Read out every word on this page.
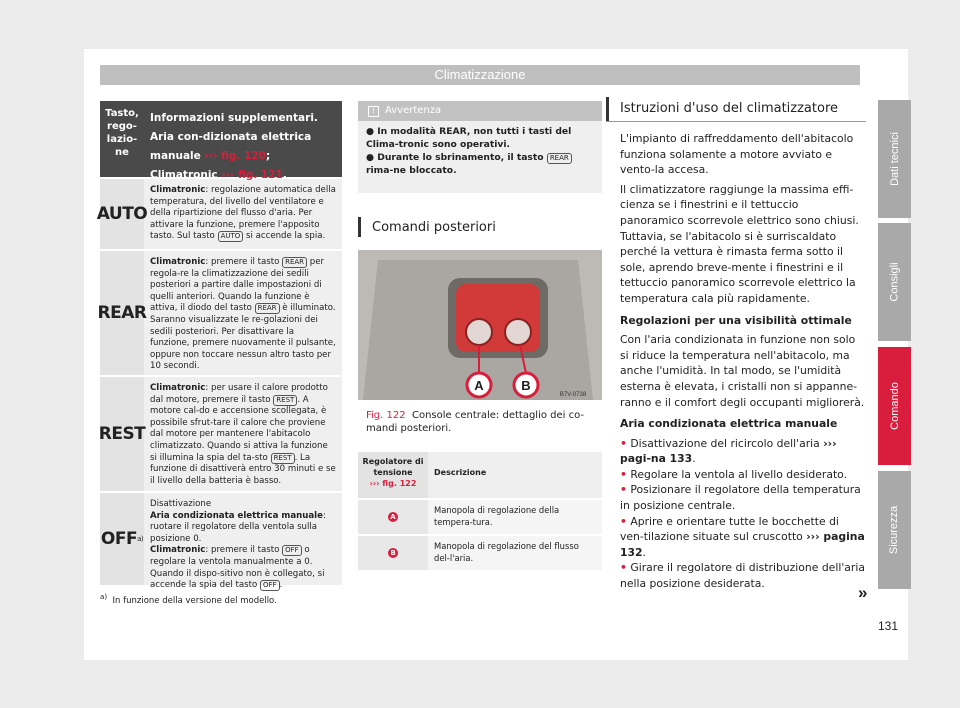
Climatizzazione
Tasto, rego-lazio-ne
Informazioni supplementari. Aria con-dizionata elettrica manuale ››› fig. 120; Climatronic ››› fig. 121.
AUTO
Climatronic: regolazione automatica della temperatura, del livello del ventilatore e della ripartizione del flusso d'aria. Per attivare la funzione, premere l'apposito tasto. Sul tasto AUTO si accende la spia.
REAR
Climatronic: premere il tasto REAR per regola-re la climatizzazione dei sedili posteriori a partire dalle impostazioni di quelli anteriori. Quando la funzione è attiva, il diodo del tasto REAR è illuminato. Saranno visualizzate le re-golazioni dei sedili posteriori. Per disattivare la funzione, premere nuovamente il pulsante, oppure non toccare nessun altro tasto per 10 secondi.
REST
Climatronic: per usare il calore prodotto dal motore, premere il tasto REST . A motore cal-do e accensione scollegata, è possibile sfrut-tare il calore che proviene dal motore per mantenere l'abitacolo climatizzato. Quando si attiva la funzione si illumina la spia del ta-sto REST . La funzione di disattiverà entro 30 minuti e se il livello della batteria è basso.
OFF a)
Disattivazione
Aria condizionata elettrica manuale: ruotare il regolatore della ventola sulla posizione 0.
Climatronic: premere il tasto OFF o regolare la ventola manualmente a 0. Quando il dispo-sitivo non è collegato, si accende la spia del tasto OFF .
$^{a)}$ In funzione della versione del modello.
! Avvertenza
● In modalità REAR, non tutti i tasti del Clima-tronic sono operativi.
● Durante lo sbrinamento, il tasto REAR rima-ne bloccato.
Comandi posteriori
A	B
B7V-0738
Fig. 122 Console centrale: dettaglio dei co-mandi posteriori.
Regolatore di tensione
››› fig. 122
Descrizione
A
Manopola di regolazione della tempera-tura.
B
Manopola di regolazione del flusso del-l'aria.
Istruzioni d'uso del climatizzatore

L'impianto di raffreddamento dell'abitacolo funziona solamente a motore avviato e vento-la accesa.

Il climatizzatore raggiunge la massima effi-cienza se i finestrini e il tettuccio panoramico scorrevole elettrico sono chiusi. Tuttavia, se l'abitacolo si è surriscaldato perché la vettura è rimasta ferma sotto il sole, aprendo breve-mente i finestrini e il tettuccio panoramico scorrevole elettrico la temperatura cala più rapidamente.

Regolazioni per una visibilità ottimale

Con l'aria condizionata in funzione non solo si riduce la temperatura nell'abitacolo, ma anche l'umidità. In tal modo, se l'umidità esterna è elevata, i cristalli non si appanne-ranno e il comfort degli occupanti migliorerà.

Aria condizionata elettrica manuale

• Disattivazione del ricircolo dell'aria ››› pagi-na 133.
• Regolare la ventola al livello desiderato.
• Posizionare il regolatore della temperatura in posizione centrale.
• Aprire e orientare tutte le bocchette di ven-tilazione situate sul cruscotto ››› pagina 132.
• Girare il regolatore di distribuzione dell'aria nella posizione desiderata.	»
131
Dati tecnici
Consigli
Comando
Sicurezza
